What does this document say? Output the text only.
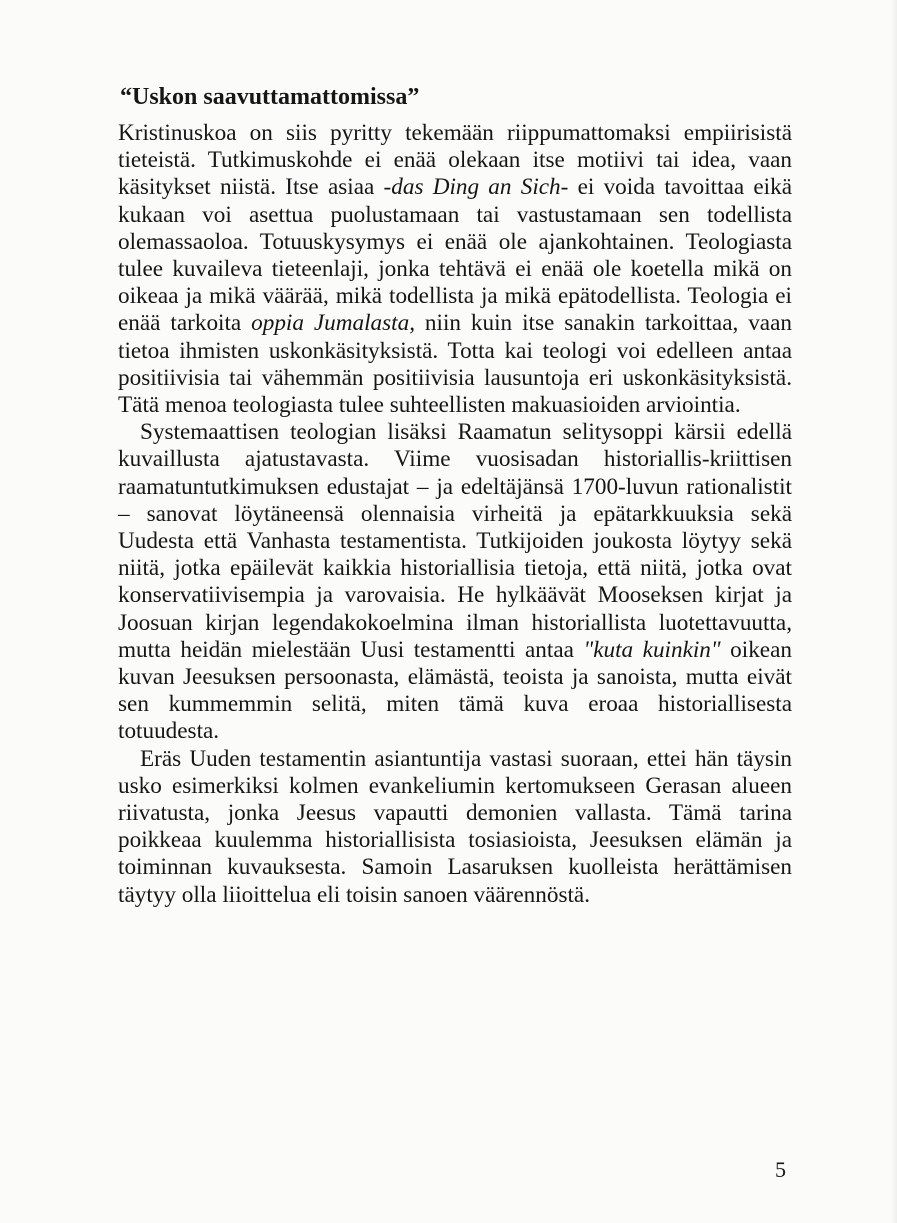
“Uskon saavuttamattomissa”

Kristinuskoa on siis pyritty tekemään riippumattomaksi empiirisistä tieteistä. Tutkimuskohde ei enää olekaan itse motiivi tai idea, vaan käsitykset niistä. Itse asiaa -das Ding an Sich- ei voida tavoittaa eikä kukaan voi asettua puolustamaan tai vastustamaan sen todellista olemassaoloa. Totuuskysymys ei enää ole ajankohtainen. Teologiasta tulee kuvaileva tieteenlaji, jonka tehtävä ei enää ole koetella mikä on oikeaa ja mikä väärää, mikä todellista ja mikä epätodellista. Teologia ei enää tarkoita oppia Jumalasta, niin kuin itse sanakin tarkoittaa, vaan tietoa ihmisten uskonkäsityksistä. Totta kai teologi voi edelleen antaa positiivisia tai vähemmän positiivisia lausuntoja eri uskonkäsityksistä. Tätä menoa teologiasta tulee suhteellisten makuasioiden arviointia.

Systemaattisen teologian lisäksi Raamatun selitysoppi kärsii edellä kuvaillusta ajatustavasta. Viime vuosisadan historiallis-kriittisen raamatuntutkimuksen edustajat – ja edeltäjänsä 1700-luvun rationalistit – sanovat löytäneensä olennaisia virheitä ja epätarkkuuksia sekä Uudesta että Vanhasta testamentista. Tutkijoiden joukosta löytyy sekä niitä, jotka epäilevät kaikkia historiallisia tietoja, että niitä, jotka ovat konservatiivisempia ja varovaisia. He hylkäävät Mooseksen kirjat ja Joosuan kirjan legendakokoelmina ilman historiallista luotettavuutta, mutta heidän mielestään Uusi testamentti antaa "kuta kuinkin" oikean kuvan Jeesuksen persoonasta, elämästä, teoista ja sanoista, mutta eivät sen kummemmin selitä, miten tämä kuva eroaa historiallisesta totuudesta.

Eräs Uuden testamentin asiantuntija vastasi suoraan, ettei hän täysin usko esimerkiksi kolmen evankeliumin kertomukseen Gerasan alueen riivatusta, jonka Jeesus vapautti demonien vallasta. Tämä tarina poikkeaa kuulemma historiallisista tosiasioista, Jeesuksen elämän ja toiminnan kuvauksesta. Samoin Lasaruksen kuolleista herättämisen täytyy olla liioittelua eli toisin sanoen väärennöstä.

5
